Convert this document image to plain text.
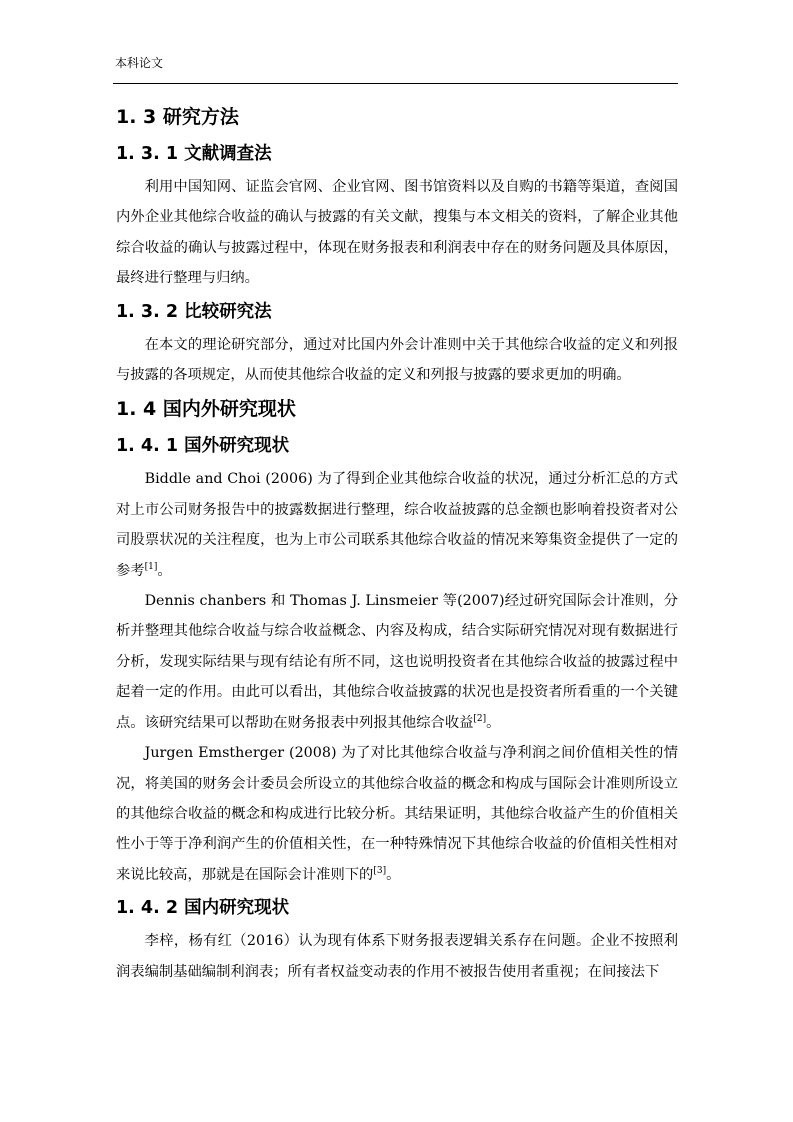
本科论文
1. 3 研究方法
1. 3. 1 文献调查法

利用中国知网、证监会官网、企业官网、图书馆资料以及自购的书籍等渠道，查阅国内外企业其他综合收益的确认与披露的有关文献，搜集与本文相关的资料，了解企业其他综合收益的确认与披露过程中，体现在财务报表和利润表中存在的财务问题及具体原因，最终进行整理与归纳。

1. 3. 2 比较研究法

在本文的理论研究部分，通过对比国内外会计准则中关于其他综合收益的定义和列报与披露的各项规定，从而使其他综合收益的定义和列报与披露的要求更加的明确。

1. 4 国内外研究现状
1. 4. 1 国外研究现状

Biddle and Choi (2006) 为了得到企业其他综合收益的状况，通过分析汇总的方式对上市公司财务报告中的披露数据进行整理，综合收益披露的总金额也影响着投资者对公司股票状况的关注程度，也为上市公司联系其他综合收益的情况来筹集资金提供了一定的参考[1]。

Dennis chanbers 和 Thomas J. Linsmeier 等(2007)经过研究国际会计准则，分析并整理其他综合收益与综合收益概念、内容及构成，结合实际研究情况对现有数据进行分析，发现实际结果与现有结论有所不同，这也说明投资者在其他综合收益的披露过程中起着一定的作用。由此可以看出，其他综合收益披露的状况也是投资者所看重的一个关键点。该研究结果可以帮助在财务报表中列报其他综合收益[2]。

Jurgen Emstherger (2008) 为了对比其他综合收益与净利润之间价值相关性的情况，将美国的财务会计委员会所设立的其他综合收益的概念和构成与国际会计准则所设立的其他综合收益的概念和构成进行比较分析。其结果证明，其他综合收益产生的价值相关性小于等于净利润产生的价值相关性，在一种特殊情况下其他综合收益的价值相关性相对来说比较高，那就是在国际会计准则下的[3]。

1. 4. 2 国内研究现状

李梓，杨有红（2016）认为现有体系下财务报表逻辑关系存在问题。企业不按照利润表编制基础编制利润表；所有者权益变动表的作用不被报告使用者重视；在间接法下
